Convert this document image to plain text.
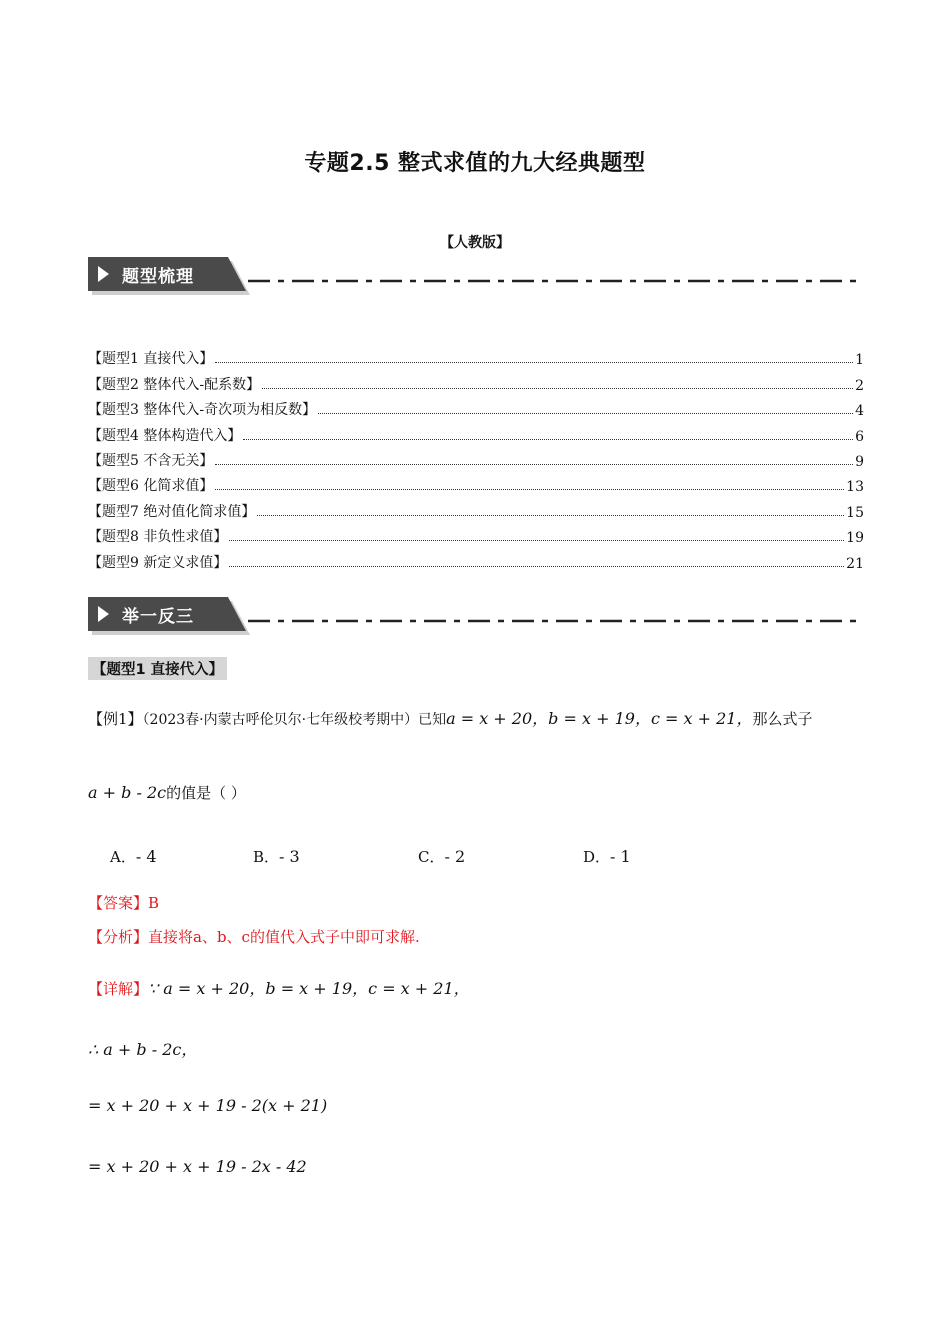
专题2.5 整式求值的九大经典题型
【人教版】
题型梳理
【题型1 直接代入】	1
【题型2 整体代入-配系数】	2
【题型3 整体代入-奇次项为相反数】	4
【题型4 整体构造代入】	6
【题型5 不含无关】	9
【题型6 化简求值】	13
【题型7 绝对值化简求值】	15
【题型8 非负性求值】	19
【题型9 新定义求值】	21
举一反三
【题型1 直接代入】
【例1】（2023春·内蒙古呼伦贝尔·七年级校考期中）已知a = x + 20，b = x + 19，c = x + 21，那么式子
a + b - 2c的值是（ ）
A．- 4	B．- 3	C．- 2	D．- 1
【答案】B
【分析】直接将a、b、c的值代入式子中即可求解.
【详解】∵ a = x + 20，b = x + 19，c = x + 21，
∴ a + b - 2c，
= x + 20 + x + 19 - 2(x + 21)
= x + 20 + x + 19 - 2x - 42
